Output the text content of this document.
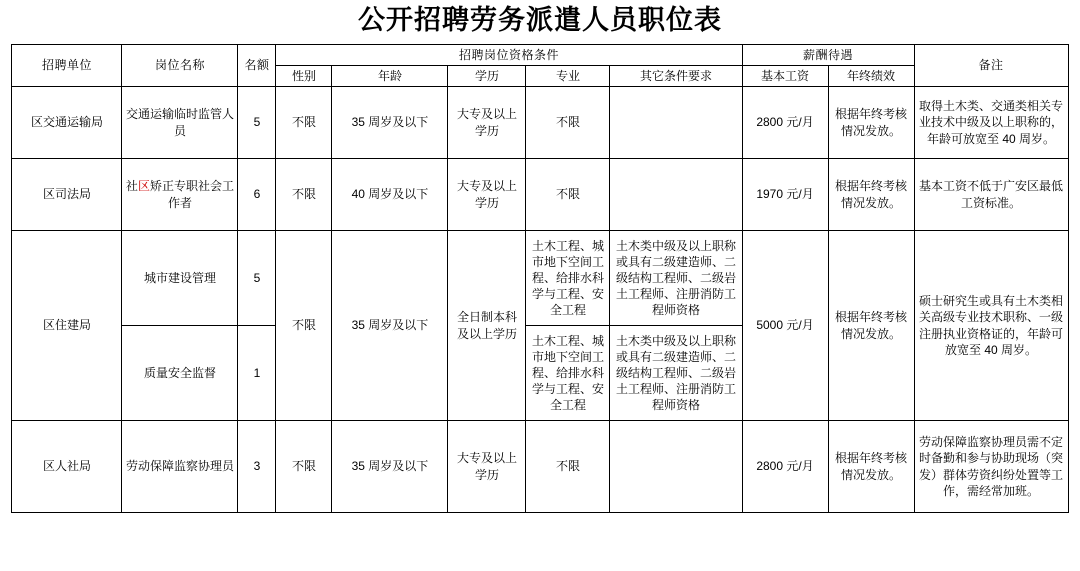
公开招聘劳务派遣人员职位表
招聘单位	岗位名称	名额	招聘岗位资格条件					薪酬待遇		备注
			性别	年龄	学历	专业	其它条件要求	基本工资	年终绩效	
区交通运输局	交通运输临时监管人员	5	不限	35 周岁及以下	大专及以上学历	不限		2800 元/月	根据年终考核情况发放。	取得土木类、交通类相关专业技术中级及以上职称的，年龄可放宽至 40 周岁。
区司法局	社区矫正专职社会工作者	6	不限	40 周岁及以下	大专及以上学历	不限		1970 元/月	根据年终考核情况发放。	基本工资不低于广安区最低工资标准。
区住建局	城市建设管理	5	不限	35 周岁及以下	全日制本科及以上学历	土木工程、城市地下空间工程、给排水科学与工程、安全工程	土木类中级及以上职称或具有二级建造师、二级结构工程师、二级岩土工程师、注册消防工程师资格	5000 元/月	根据年终考核情况发放。	硕士研究生或具有土木类相关高级专业技术职称、一级注册执业资格证的，年龄可放宽至 40 周岁。
	质量安全监督	1				土木工程、城市地下空间工程、给排水科学与工程、安全工程	土木类中级及以上职称或具有二级建造师、二级结构工程师、二级岩土工程师、注册消防工程师资格			
区人社局	劳动保障监察协理员	3	不限	35 周岁及以下	大专及以上学历	不限		2800 元/月	根据年终考核情况发放。	劳动保障监察协理员需不定时备勤和参与协助现场（突发）群体劳资纠纷处置等工作，需经常加班。
